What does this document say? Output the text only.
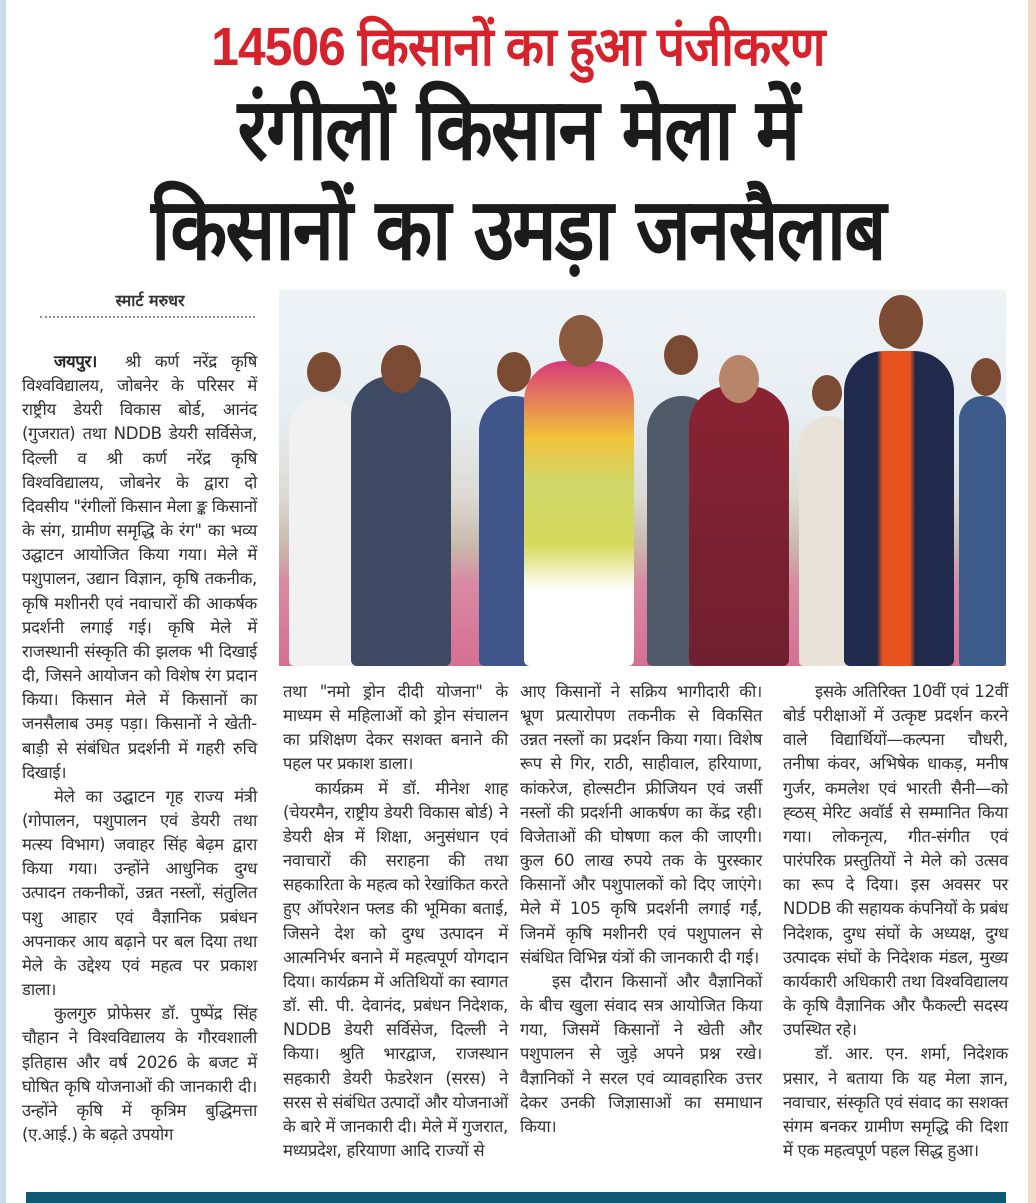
14506 किसानों का हुआ पंजीकरण
रंगीलों किसान मेला में
किसानों का उमड़ा जनसैलाब
स्मार्ट मरुधर

जयपुर। श्री कर्ण नरेंद्र कृषि विश्वविद्यालय, जोबनेर के परिसर में राष्ट्रीय डेयरी विकास बोर्ड, आनंद (गुजरात) तथा NDDB डेयरी सर्विसेज, दिल्ली व श्री कर्ण नरेंद्र कृषि विश्वविद्यालय, जोबनेर के द्वारा दो दिवसीय "रंगीलों किसान मेला ङ्क किसानों के संग, ग्रामीण समृद्धि के रंग" का भव्य उद्घाटन आयोजित किया गया। मेले में पशुपालन, उद्यान विज्ञान, कृषि तकनीक, कृषि मशीनरी एवं नवाचारों की आकर्षक प्रदर्शनी लगाई गई। कृषि मेले में राजस्थानी संस्कृति की झलक भी दिखाई दी, जिसने आयोजन को विशेष रंग प्रदान किया। किसान मेले में किसानों का जनसैलाब उमड़ पड़ा। किसानों ने खेती-बाड़ी से संबंधित प्रदर्शनी में गहरी रुचि दिखाई।

मेले का उद्घाटन गृह राज्य मंत्री (गोपालन, पशुपालन एवं डेयरी तथा मत्स्य विभाग) जवाहर सिंह बेढ़म द्वारा किया गया। उन्होंने आधुनिक दुग्ध उत्पादन तकनीकों, उन्नत नस्लों, संतुलित पशु आहार एवं वैज्ञानिक प्रबंधन अपनाकर आय बढ़ाने पर बल दिया तथा मेले के उद्देश्य एवं महत्व पर प्रकाश डाला।

कुलगुरु प्रोफेसर डॉ. पुष्पेंद्र सिंह चौहान ने विश्वविद्यालय के गौरवशाली इतिहास और वर्ष 2026 के बजट में घोषित कृषि योजनाओं की जानकारी दी। उन्होंने कृषि में कृत्रिम बुद्धिमत्ता (ए.आई.) के बढ़ते उपयोग

तथा "नमो ड्रोन दीदी योजना" के माध्यम से महिलाओं को ड्रोन संचालन का प्रशिक्षण देकर सशक्त बनाने की पहल पर प्रकाश डाला।

कार्यक्रम में डॉ. मीनेश शाह (चेयरमैन, राष्ट्रीय डेयरी विकास बोर्ड) ने डेयरी क्षेत्र में शिक्षा, अनुसंधान एवं नवाचारों की सराहना की तथा सहकारिता के महत्व को रेखांकित करते हुए ऑपरेशन फ्लड की भूमिका बताई, जिसने देश को दुग्ध उत्पादन में आत्मनिर्भर बनाने में महत्वपूर्ण योगदान दिया। कार्यक्रम में अतिथियों का स्वागत डॉ. सी. पी. देवानंद, प्रबंधन निदेशक, NDDB डेयरी सर्विसेज, दिल्ली ने किया। श्रुति भारद्वाज, राजस्थान सहकारी डेयरी फेडरेशन (सरस) ने सरस से संबंधित उत्पादों और योजनाओं के बारे में जानकारी दी। मेले में गुजरात, मध्यप्रदेश, हरियाणा आदि राज्यों से

आए किसानों ने सक्रिय भागीदारी की। भ्रूण प्रत्यारोपण तकनीक से विकसित उन्नत नस्लों का प्रदर्शन किया गया। विशेष रूप से गिर, राठी, साहीवाल, हरियाणा, कांकरेज, होल्सटीन फ्रीजियन एवं जर्सी नस्लों की प्रदर्शनी आकर्षण का केंद्र रही। विजेताओं की घोषणा कल की जाएगी। कुल 60 लाख रुपये तक के पुरस्कार किसानों और पशुपालकों को दिए जाएंगे। मेले में 105 कृषि प्रदर्शनी लगाई गईं, जिनमें कृषि मशीनरी एवं पशुपालन से संबंधित विभिन्न यंत्रों की जानकारी दी गई।

इस दौरान किसानों और वैज्ञानिकों के बीच खुला संवाद सत्र आयोजित किया गया, जिसमें किसानों ने खेती और पशुपालन से जुड़े अपने प्रश्न रखे। वैज्ञानिकों ने सरल एवं व्यावहारिक उत्तर देकर उनकी जिज्ञासाओं का समाधान किया।

इसके अतिरिक्त 10वीं एवं 12वीं बोर्ड परीक्षाओं में उत्कृष्ट प्रदर्शन करने वाले विद्यार्थियों—कल्पना चौधरी, तनीषा कंवर, अभिषेक धाकड़, मनीष गुर्जर, कमलेश एवं भारती सैनी—को ह्व्ठस् मेरिट अवॉर्ड से सम्मानित किया गया। लोकनृत्य, गीत-संगीत एवं पारंपरिक प्रस्तुतियों ने मेले को उत्सव का रूप दे दिया। इस अवसर पर NDDB की सहायक कंपनियों के प्रबंध निदेशक, दुग्ध संघों के अध्यक्ष, दुग्ध उत्पादक संघों के निदेशक मंडल, मुख्य कार्यकारी अधिकारी तथा विश्वविद्यालय के कृषि वैज्ञानिक और फैकल्टी सदस्य उपस्थित रहे।

डॉ. आर. एन. शर्मा, निदेशक प्रसार, ने बताया कि यह मेला ज्ञान, नवाचार, संस्कृति एवं संवाद का सशक्त संगम बनकर ग्रामीण समृद्धि की दिशा में एक महत्वपूर्ण पहल सिद्ध हुआ।
